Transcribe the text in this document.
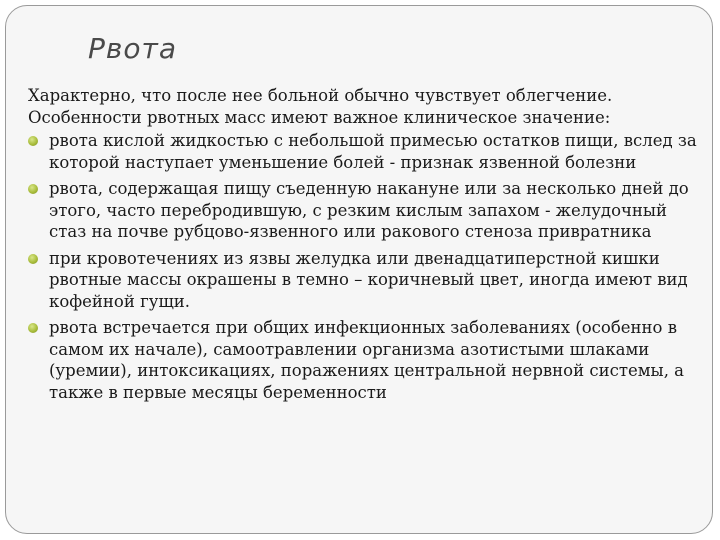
Рвота

Характерно, что после нее больной обычно чувствует облегчение.
Особенности рвотных масс имеют важное клиническое значение:

рвота кислой жидкостью с небольшой примесью остатков пищи, вслед за которой наступает уменьшение болей - признак язвенной болезни
рвота, содержащая пищу съеденную накануне или за несколько дней до этого, часто перебродившую, с резким кислым запахом - желудочный стаз на почве рубцово-язвенного или ракового стеноза привратника
при кровотечениях из язвы желудка или двенадцатиперстной кишки рвотные массы окрашены в темно – коричневый цвет, иногда имеют вид кофейной гущи.
рвота встречается при общих инфекционных заболеваниях (особенно в самом их начале), самоотравлении организма азотистыми шлаками (уремии), интоксикациях, поражениях центральной нервной системы, а также в первые месяцы беременности
